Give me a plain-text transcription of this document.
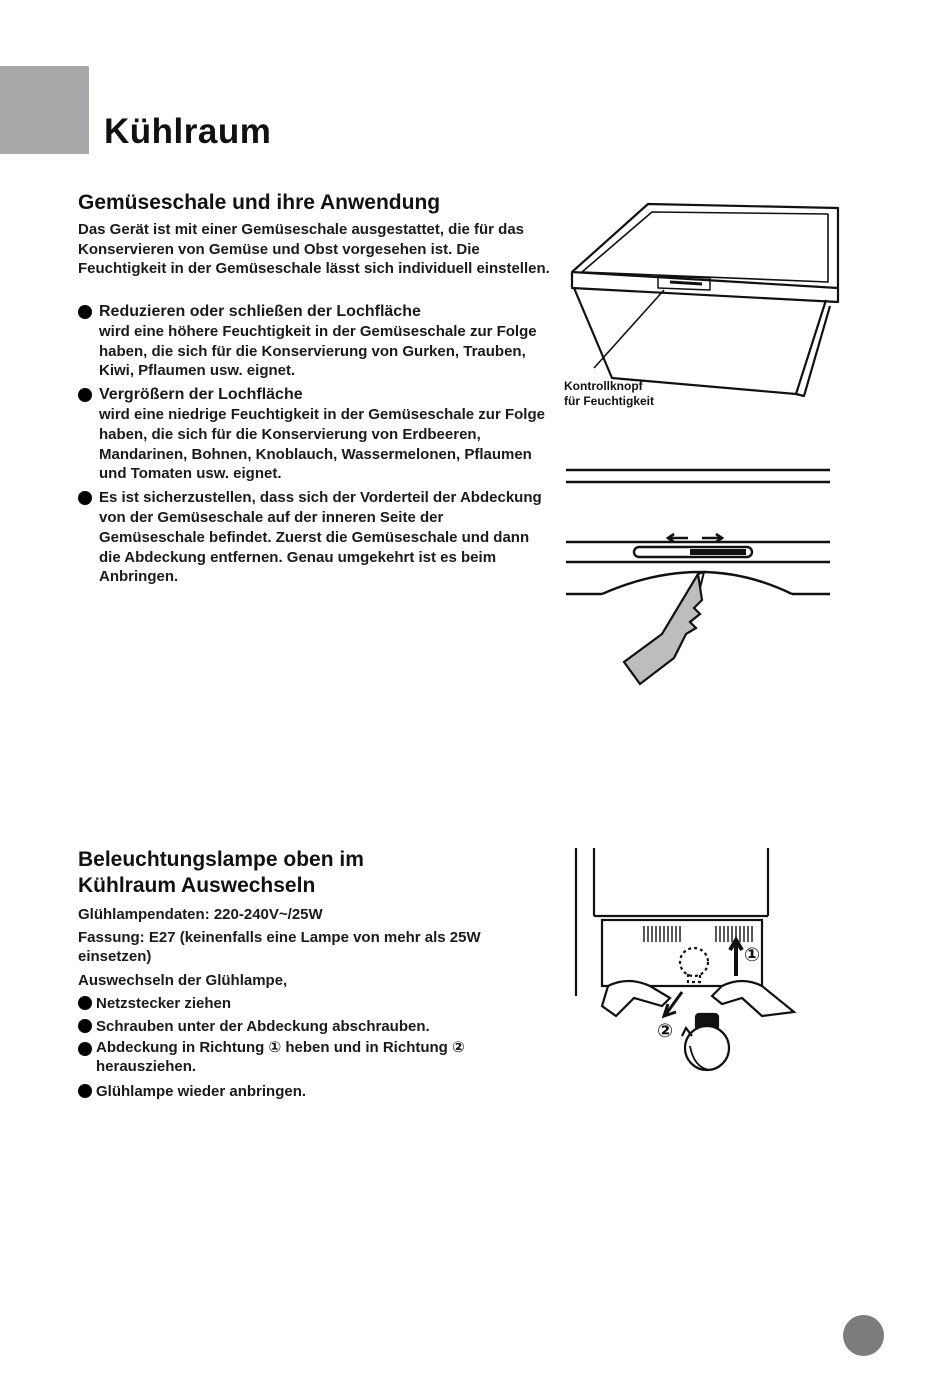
Kühlraum
Gemüseschale und ihre Anwendung

Das Gerät ist mit einer Gemüseschale ausgestattet, die für das Konservieren von Gemüse und Obst vorgesehen ist. Die Feuchtigkeit in der Gemüseschale lässt sich individuell einstellen.

Reduzieren oder schließen der Lochfläche
wird eine höhere Feuchtigkeit in der Gemüseschale zur Folge haben, die sich für die Konservierung von Gurken, Trauben, Kiwi, Pflaumen usw. eignet.
Vergrößern der Lochfläche
wird eine niedrige Feuchtigkeit in der Gemüseschale zur Folge haben, die sich für die Konservierung von Erdbeeren, Mandarinen, Bohnen, Knoblauch, Wassermelonen, Pflaumen und Tomaten usw. eignet.
Es ist sicherzustellen, dass sich der Vorderteil der Abdeckung von der Gemüseschale auf der inneren Seite der Gemüseschale befindet. Zuerst die Gemüseschale und dann die Abdeckung entfernen. Genau umgekehrt ist es beim Anbringen.
Kontrollknopf
für Feuchtigkeit
Beleuchtungslampe oben im
Kühlraum Auswechseln

Glühlampendaten: 220-240V~/25W

Fassung: E27 (keinenfalls eine Lampe von mehr als 25W einsetzen)

Auswechseln der Glühlampe,

Netzstecker ziehen
Schrauben unter der Abdeckung abschrauben.
Abdeckung in Richtung ① heben und in Richtung ② herausziehen.
Glühlampe wieder anbringen.
①
②
